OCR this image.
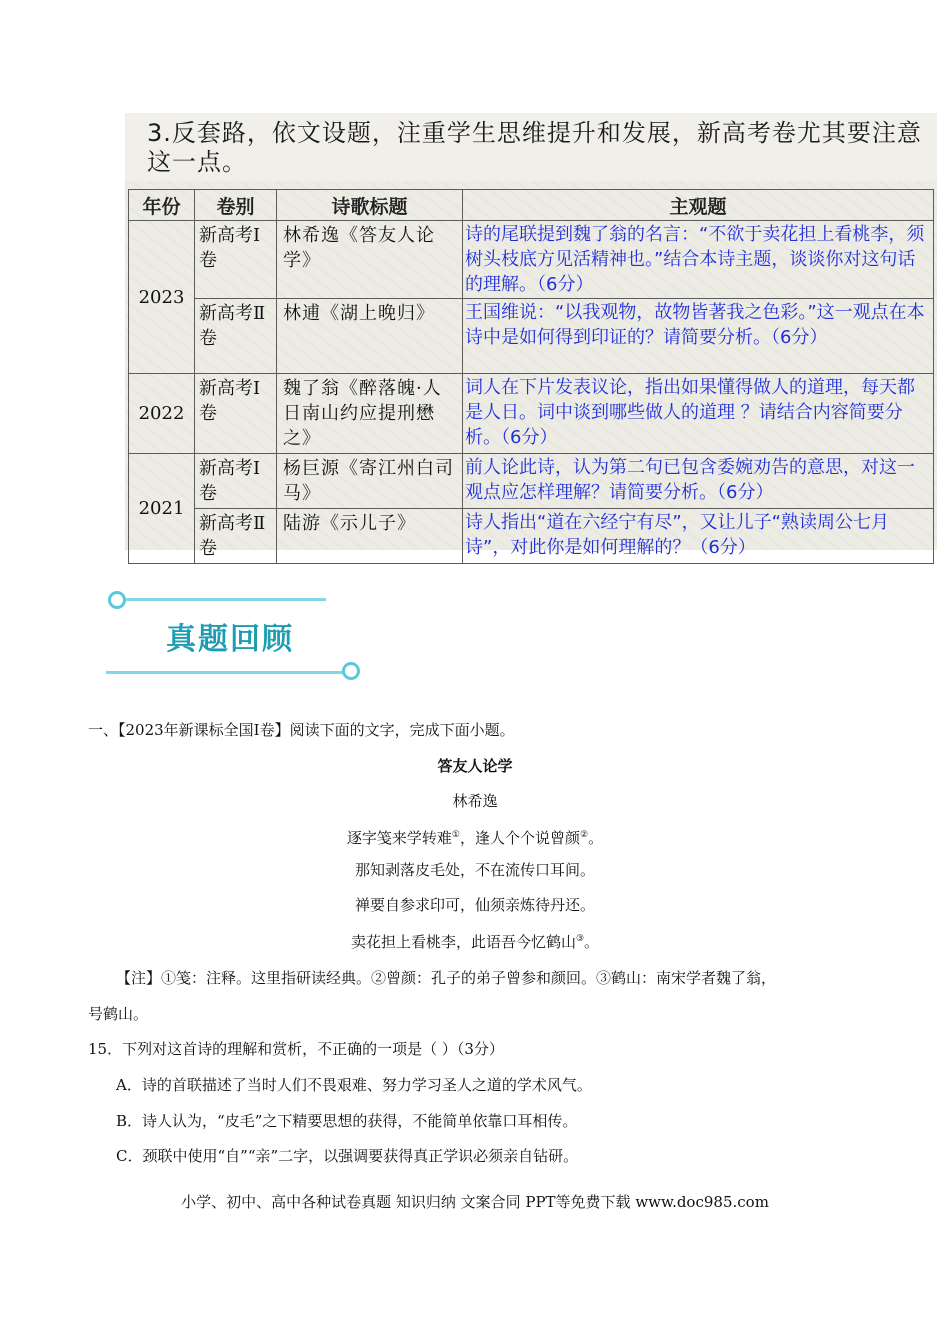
3.反套路，依文设题，注重学生思维提升和发展，新高考卷尤其要注意这一点。
年份	卷别	诗歌标题	主观题
2023	新高考Ⅰ卷	林希逸《答友人论学》	诗的尾联提到魏了翁的名言：“不欲于卖花担上看桃李，须树头枝底方见活精神也。”结合本诗主题，谈谈你对这句话的理解。（6分）
	新高考Ⅱ卷	林逋《湖上晚归》	王国维说：“以我观物，故物皆著我之色彩。”这一观点在本诗中是如何得到印证的？请简要分析。（6分）
2022	新高考Ⅰ卷	魏了翁《醉落魄·人日南山约应提刑懋之》	词人在下片发表议论，指出如果懂得做人的道理，每天都是人日。词中谈到哪些做人的道理 ？请结合内容简要分析。（6分）
2021	新高考Ⅰ卷	杨巨源《寄江州白司马》	前人论此诗，认为第二句已包含委婉劝告的意思，对这一观点应怎样理解？请简要分析。（6分）
	新高考Ⅱ卷	陆游《示儿子》	诗人指出“道在六经宁有尽”，又让儿子“熟读周公七月诗”，对此你是如何理解的？（6分）
真题回顾
一、【2023年新课标全国Ⅰ卷】阅读下面的文字，完成下面小题。
答友人论学
林希逸
逐字笺来学转难①，逢人个个说曾颜②。
那知剥落皮毛处，不在流传口耳间。
禅要自参求印可，仙须亲炼待丹还。
卖花担上看桃李，此语吾今忆鹤山③。
【注】①笺：注释。这里指研读经典。②曾颜：孔子的弟子曾参和颜回。③鹤山：南宋学者魏了翁，
号鹤山。
15．下列对这首诗的理解和赏析，不正确的一项是（ ）（3分）
A．诗的首联描述了当时人们不畏艰难、努力学习圣人之道的学术风气。
B．诗人认为，“皮毛”之下精要思想的获得，不能简单依靠口耳相传。
C．颈联中使用“自”“亲”二字，以强调要获得真正学识必须亲自钻研。
小学、初中、高中各种试卷真题 知识归纳 文案合同 PPT等免费下载 www.doc985.com
